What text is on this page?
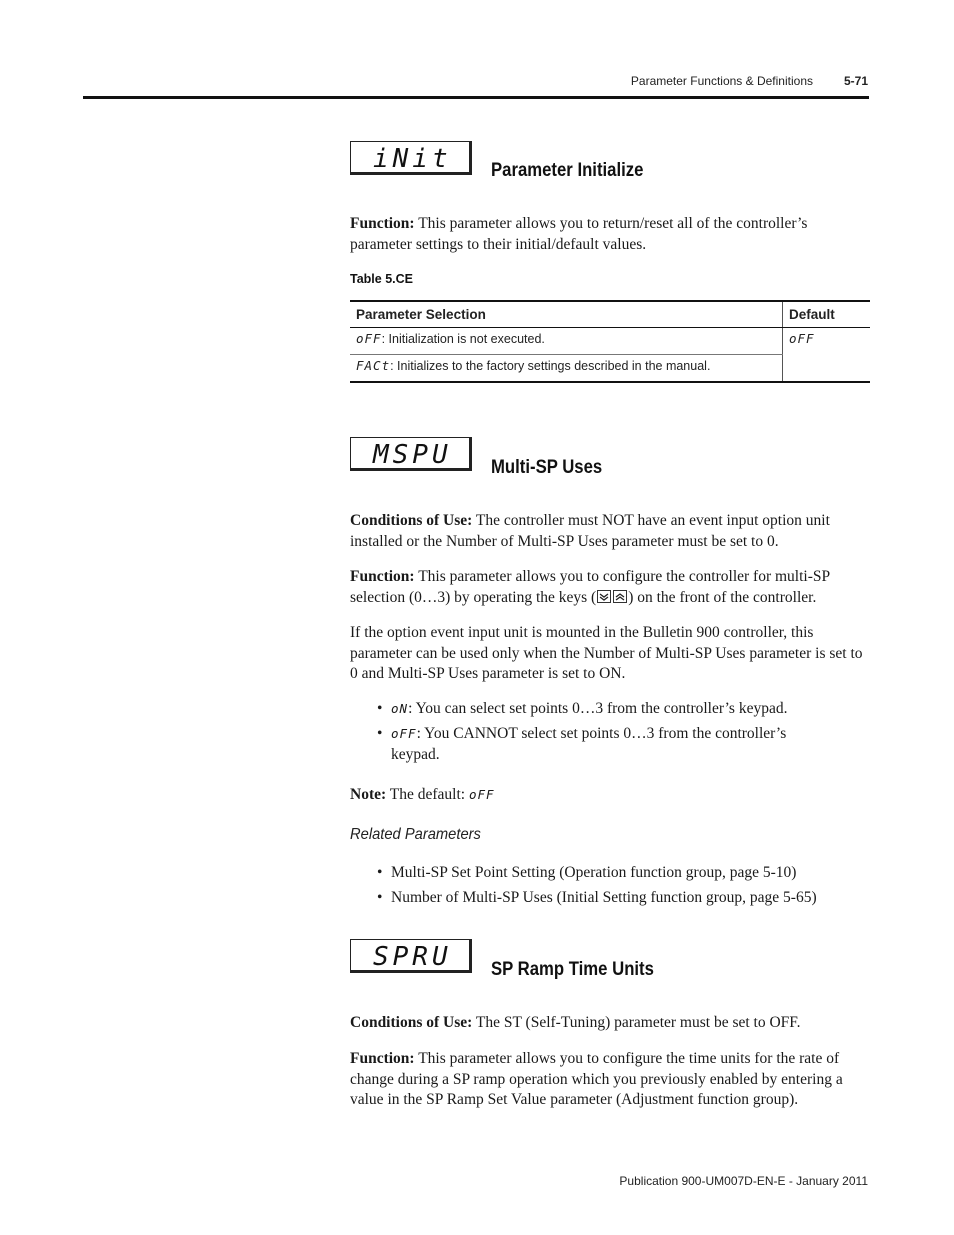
Parameter Functions & Definitions	5-71
iNit Parameter Initialize
Function: This parameter allows you to return/reset all of the controller’s parameter settings to their initial/default values.
Table 5.CE
Parameter Selection	Default
oFF: Initialization is not executed.	oFF
FACt: Initializes to the factory settings described in the manual.	
MSPU Multi-SP Uses
Conditions of Use: The controller must NOT have an event input option unit installed or the Number of Multi-SP Uses parameter must be set to 0.
Function: This parameter allows you to configure the controller for multi-SP selection (0…3) by operating the keys ( ) on the front of the controller.
If the option event input unit is mounted in the Bulletin 900 controller, this parameter can be used only when the Number of Multi-SP Uses parameter is set to 0 and Multi-SP Uses parameter is set to ON.
• oN: You can select set points 0…3 from the controller’s keypad.
• oFF: You CANNOT select set points 0…3 from the controller’s keypad.
Note: The default: oFF
Related Parameters
• Multi-SP Set Point Setting (Operation function group, page 5-10)
• Number of Multi-SP Uses (Initial Setting function group, page 5-65)
SPRU SP Ramp Time Units
Conditions of Use: The ST (Self-Tuning) parameter must be set to OFF.
Function: This parameter allows you to configure the time units for the rate of change during a SP ramp operation which you previously enabled by entering a value in the SP Ramp Set Value parameter (Adjustment function group).
Publication 900-UM007D-EN-E - January 2011
